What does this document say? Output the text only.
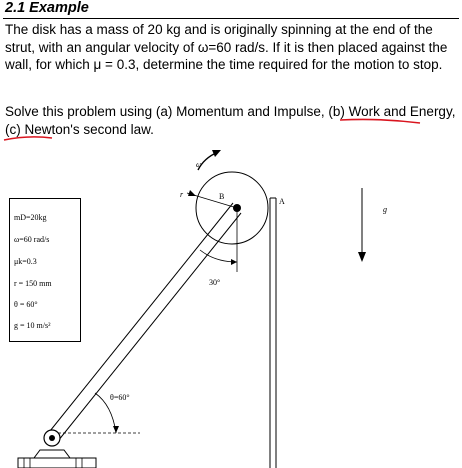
2.1 Example

The disk has a mass of 20 kg and is originally spinning at the end of the strut, with an angular velocity of ω=60 rad/s. If it is then placed against the wall, for which μ = 0.3, determine the time required for the motion to stop.

Solve this problem using (a) Momentum and Impulse, (b) Work and Energy, (c) Newton's second law.

ω
r	B
A
30°
θ=60°
g
mD=20kg
ω=60 rad/s
μk=0.3
r = 150 mm
θ = 60°
g = 10 m/s²
